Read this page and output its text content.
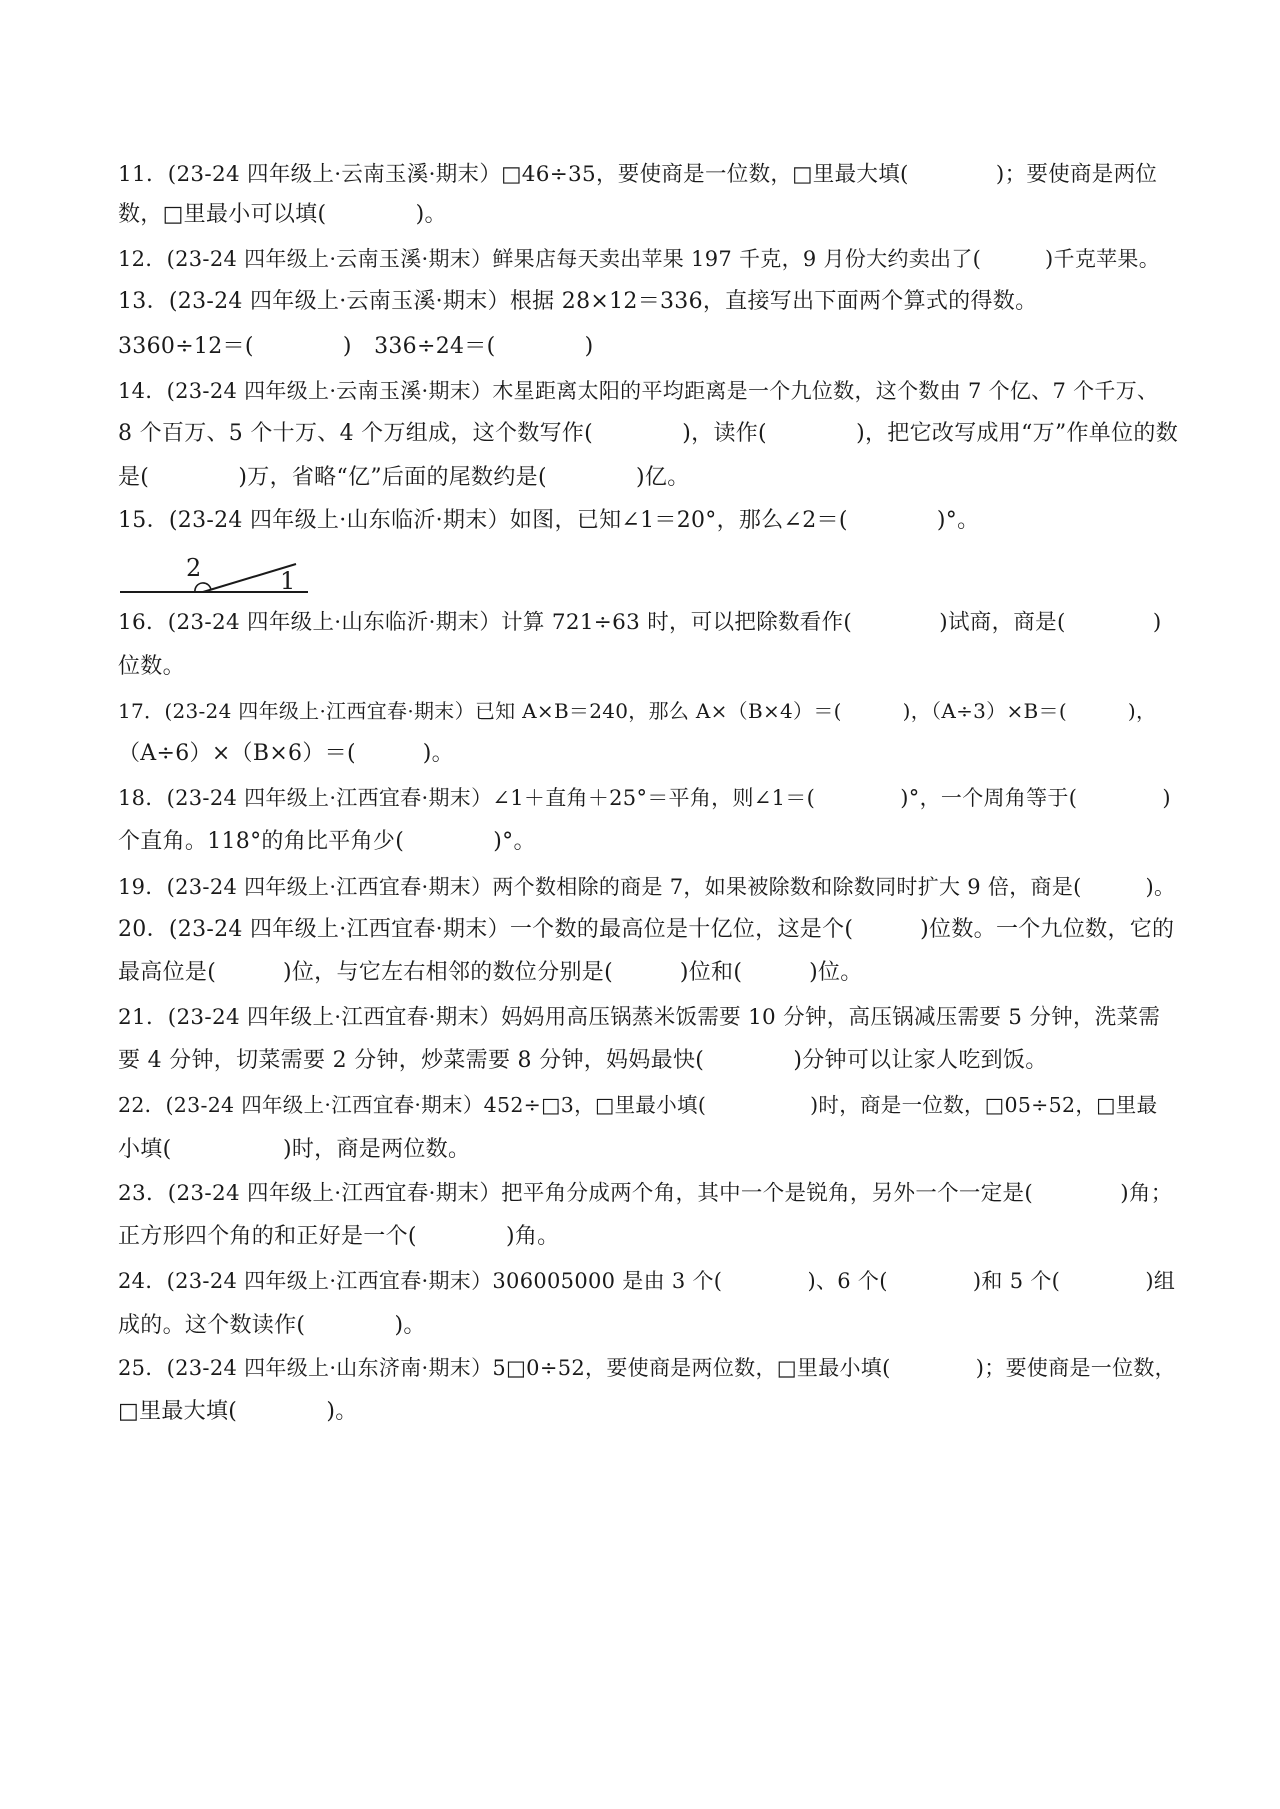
11．(23-24 四年级上·云南玉溪·期末）□46÷35，要使商是一位数，□里最大填(　　　　)；要使商是两位
数，□里最小可以填(　　　　)。
12．(23-24 四年级上·云南玉溪·期末）鲜果店每天卖出苹果 197 千克，9 月份大约卖出了(　　　)千克苹果。
13．(23-24 四年级上·云南玉溪·期末）根据 28×12＝336，直接写出下面两个算式的得数。
3360÷12＝(　　　　)　336÷24＝(　　　　)
14．(23-24 四年级上·云南玉溪·期末）木星距离太阳的平均距离是一个九位数，这个数由 7 个亿、7 个千万、
8 个百万、5 个十万、4 个万组成，这个数写作(　　　　)，读作(　　　　)，把它改写成用“万”作单位的数
是(　　　　)万，省略“亿”后面的尾数约是(　　　　)亿。
15．(23-24 四年级上·山东临沂·期末）如图，已知∠1＝20°，那么∠2＝(　　　　)°。
2	1
16．(23-24 四年级上·山东临沂·期末）计算 721÷63 时，可以把除数看作(　　　　)试商，商是(　　　　)
位数。
17．(23-24 四年级上·江西宜春·期末）已知 A×B＝240，那么 A×（B×4）＝(　　　)，（A÷3）×B＝(　　　)，
（A÷6）×（B×6）＝(　　　)。
18．(23-24 四年级上·江西宜春·期末）∠1＋直角＋25°＝平角，则∠1＝(　　　　)°，一个周角等于(　　　　)
个直角。118°的角比平角少(　　　　)°。
19．(23-24 四年级上·江西宜春·期末）两个数相除的商是 7，如果被除数和除数同时扩大 9 倍，商是(　　　)。
20．(23-24 四年级上·江西宜春·期末）一个数的最高位是十亿位，这是个(　　　)位数。一个九位数，它的
最高位是(　　　)位，与它左右相邻的数位分别是(　　　)位和(　　　)位。
21．(23-24 四年级上·江西宜春·期末）妈妈用高压锅蒸米饭需要 10 分钟，高压锅减压需要 5 分钟，洗菜需
要 4 分钟，切菜需要 2 分钟，炒菜需要 8 分钟，妈妈最快(　　　　)分钟可以让家人吃到饭。
22．(23-24 四年级上·江西宜春·期末）452÷□3，□里最小填(　　　　　)时，商是一位数，□05÷52，□里最
小填(　　　　　)时，商是两位数。
23．(23-24 四年级上·江西宜春·期末）把平角分成两个角，其中一个是锐角，另外一个一定是(　　　　)角；
正方形四个角的和正好是一个(　　　　)角。
24．(23-24 四年级上·江西宜春·期末）306005000 是由 3 个(　　　　)、6 个(　　　　)和 5 个(　　　　)组
成的。这个数读作(　　　　)。
25．(23-24 四年级上·山东济南·期末）5□0÷52，要使商是两位数，□里最小填(　　　　)；要使商是一位数，
□里最大填(　　　　)。
